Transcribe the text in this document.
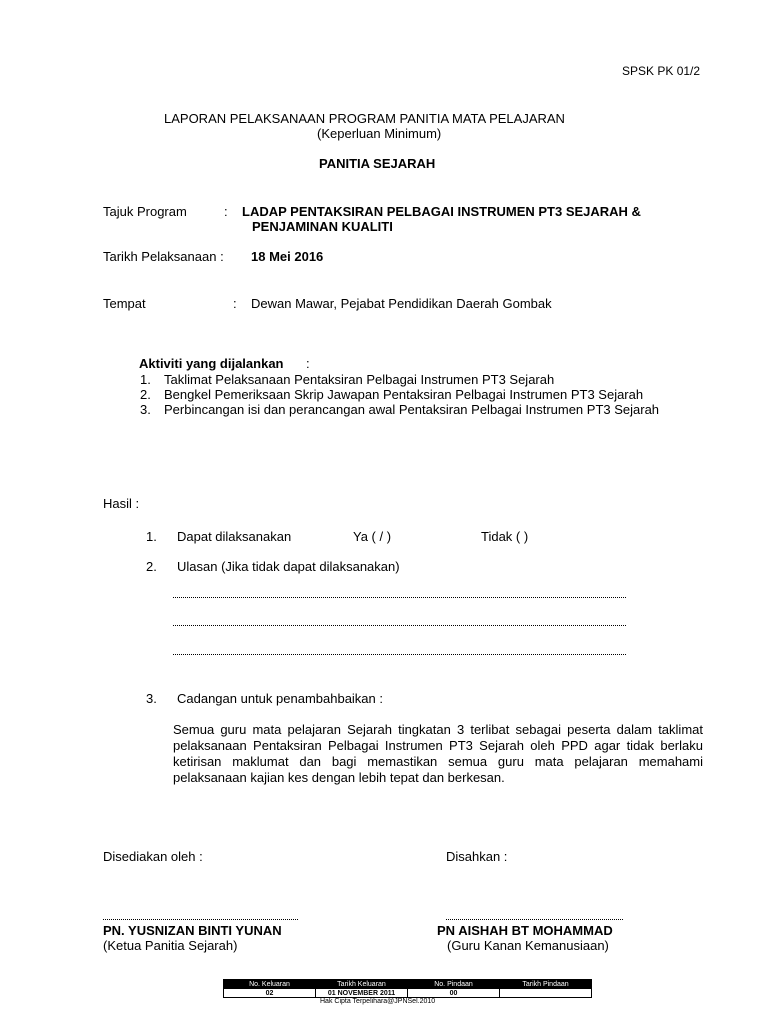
SPSK PK 01/2
LAPORAN PELAKSANAAN PROGRAM PANITIA MATA PELAJARAN
(Keperluan Minimum)
PANITIA SEJARAH
Tajuk Program	: LADAP PENTAKSIRAN PELBAGAI INSTRUMEN PT3 SEJARAH &
PENJAMINAN KUALITI
Tarikh Pelaksanaan : 18 Mei 2016
Tempat	: Dewan Mawar, Pejabat Pendidikan Daerah Gombak
Aktiviti yang dijalankan :
1. Taklimat Pelaksanaan Pentaksiran Pelbagai Instrumen PT3 Sejarah
2. Bengkel Pemeriksaan Skrip Jawapan Pentaksiran Pelbagai Instrumen PT3 Sejarah
3. Perbincangan isi dan perancangan awal Pentaksiran Pelbagai Instrumen PT3 Sejarah
Hasil :
1. Dapat dilaksanakan	Ya ( / )	Tidak ( )
2. Ulasan (Jika tidak dapat dilaksanakan)
3. Cadangan untuk penambahbaikan :
Semua guru mata pelajaran Sejarah tingkatan 3 terlibat sebagai peserta dalam taklimat pelaksanaan Pentaksiran Pelbagai Instrumen PT3 Sejarah oleh PPD agar tidak berlaku ketirisan maklumat dan bagi memastikan semua guru mata pelajaran memahami pelaksanaan kajian kes dengan lebih tepat dan berkesan.
Disediakan oleh :	Disahkan :
PN. YUSNIZAN BINTI YUNAN
(Ketua Panitia Sejarah)
PN AISHAH BT MOHAMMAD
(Guru Kanan Kemanusiaan)
No. Keluaran	Tarikh Keluaran	No. Pindaan	Tarikh Pindaan
02	01 NOVEMBER 2011	00	
Hak Cipta Terpelihara@JPNSel.2010
